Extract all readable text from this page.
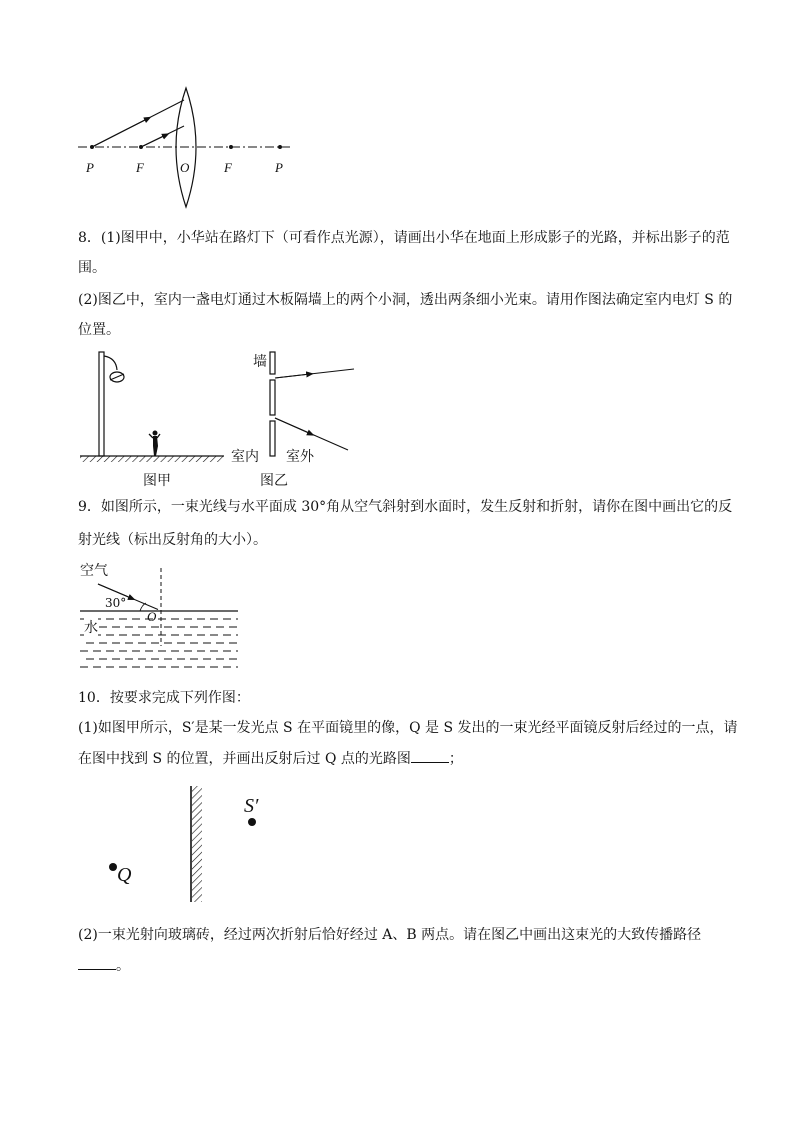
P	F	O	F	P
8．(1)图甲中，小华站在路灯下（可看作点光源），请画出小华在地面上形成影子的光路，并标出影子的范
围。
(2)图乙中，室内一盏电灯通过木板隔墙上的两个小洞，透出两条细小光束。请用作图法确定室内电灯 S 的
位置。
墙
室内 室外
图甲	图乙
9．如图所示，一束光线与水平面成 30°角从空气斜射到水面时，发生反射和折射，请你在图中画出它的反
射光线（标出反射角的大小）。
空气
30°
O
水
10．按要求完成下列作图：
(1)如图甲所示，S′是某一发光点 S 在平面镜里的像，Q 是 S 发出的一束光经平面镜反射后经过的一点，请
在图中找到 S 的位置，并画出反射后过 Q 点的光路图	；
S′
Q
(2)一束光射向玻璃砖，经过两次折射后恰好经过 A、B 两点。请在图乙中画出这束光的大致传播路径
。
